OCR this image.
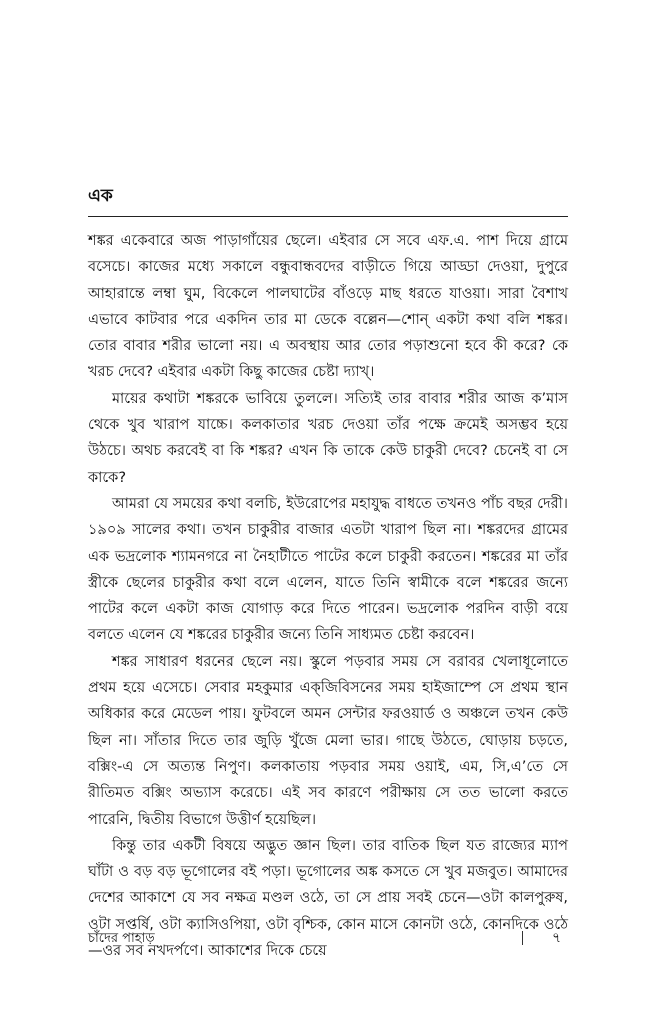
এক

শঙ্কর একেবারে অজ পাড়াগাঁয়ের ছেলে। এইবার সে সবে এফ.এ. পাশ দিয়ে গ্রামে বসেচে। কাজের মধ্যে সকালে বন্ধুবান্ধবদের বাড়ীতে গিয়ে আড্ডা দেওয়া, দুপুরে আহারান্তে লম্বা ঘুম, বিকেলে পালঘাটের বাঁওড়ে মাছ ধরতে যাওয়া। সারা বৈশাখ এভাবে কাটবার পরে একদিন তার মা ডেকে বল্লেন—শোন্ একটা কথা বলি শঙ্কর। তোর বাবার শরীর ভালো নয়। এ অবস্থায় আর তোর পড়াশুনো হবে কী করে? কে খরচ দেবে? এইবার একটা কিছু কাজের চেষ্টা দ্যাখ্।

মায়ের কথাটা শঙ্করকে ভাবিয়ে তুললে। সত্যিই তার বাবার শরীর আজ ক’মাস থেকে খুব খারাপ যাচ্চে। কলকাতার খরচ দেওয়া তাঁর পক্ষে ক্রমেই অসম্ভব হয়ে উঠচে। অথচ করবেই বা কি শঙ্কর? এখন কি তাকে কেউ চাকুরী দেবে? চেনেই বা সে কাকে?

আমরা যে সময়ের কথা বলচি, ইউরোপের মহাযুদ্ধ বাধতে তখনও পাঁচ বছর দেরী। ১৯০৯ সালের কথা। তখন চাকুরীর বাজার এতটা খারাপ ছিল না। শঙ্করদের গ্রামের এক ভদ্রলোক শ্যামনগরে না নৈহাটীতে পাটের কলে চাকুরী করতেন। শঙ্করের মা তাঁর স্ত্রীকে ছেলের চাকুরীর কথা বলে এলেন, যাতে তিনি স্বামীকে বলে শঙ্করের জন্যে পাটের কলে একটা কাজ যোগাড় করে দিতে পারেন। ভদ্রলোক পরদিন বাড়ী বয়ে বলতে এলেন যে শঙ্করের চাকুরীর জন্যে তিনি সাধ্যমত চেষ্টা করবেন।

শঙ্কর সাধারণ ধরনের ছেলে নয়। স্কুলে পড়বার সময় সে বরাবর খেলাধূলোতে প্রথম হয়ে এসেচে। সেবার মহকুমার এক্‌জিবিসনের সময় হাইজাম্পে সে প্রথম স্থান অধিকার করে মেডেল পায়। ফুটবলে অমন সেন্টার ফরওয়ার্ড ও অঞ্চলে তখন কেউ ছিল না। সাঁতার দিতে তার জুড়ি খুঁজে মেলা ভার। গাছে উঠতে, ঘোড়ায় চড়তে, বক্সিং-এ সে অত্যন্ত নিপুণ। কলকাতায় পড়বার সময় ওয়াই, এম, সি,এ’তে সে রীতিমত বক্সিং অভ্যাস করেচে। এই সব কারণে পরীক্ষায় সে তত ভালো করতে পারেনি, দ্বিতীয় বিভাগে উত্তীর্ণ হয়েছিল।

কিন্তু তার একটী বিষয়ে অদ্ভুত জ্ঞান ছিল। তার বাতিক ছিল যত রাজ্যের ম্যাপ ঘাঁটা ও বড় বড় ভূগোলের বই পড়া। ভূগোলের অঙ্ক কসতে সে খুব মজবুত। আমাদের দেশের আকাশে যে সব নক্ষত্র মণ্ডল ওঠে, তা সে প্রায় সবই চেনে—ওটা কালপুরুষ, ওটা সপ্তর্ষি, ওটা ক্যাসিওপিয়া, ওটা বৃশ্চিক, কোন মাসে কোনটা ওঠে, কোনদিকে ওঠে—ওর সব নখদর্পণে। আকাশের দিকে চেয়ে

চাঁদের পাহাড়	৭
